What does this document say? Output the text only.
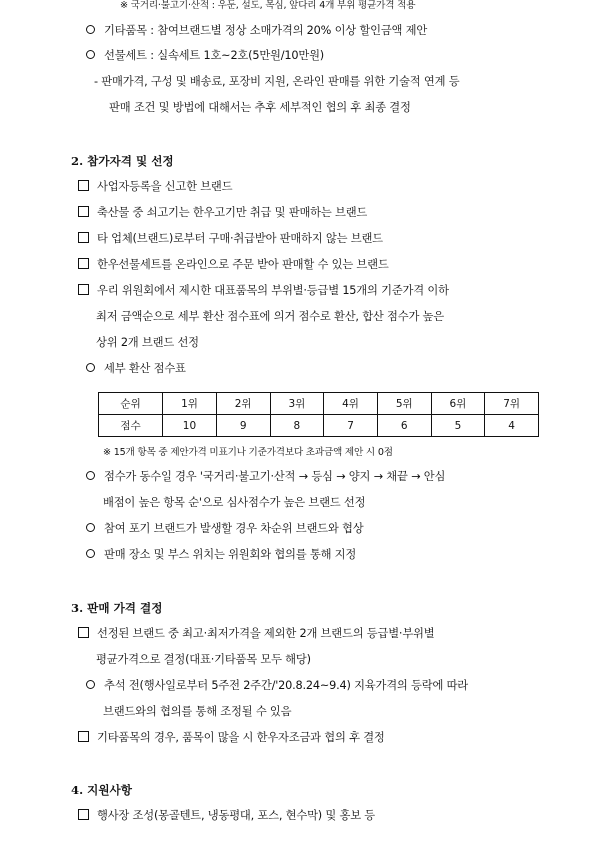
※ 국거리·불고기·산적 : 우둔, 설도, 목심, 앞다리 4개 부위 평균가격 적용
기타품목 : 참여브랜드별 정상 소매가격의 20% 이상 할인금액 제안
선물세트 : 실속세트 1호~2호(5만원/10만원)
- 판매가격, 구성 및 배송료, 포장비 지원, 온라인 판매를 위한 기술적 연계 등
판매 조건 및 방법에 대해서는 추후 세부적인 협의 후 최종 결정
2. 참가자격 및 선정
사업자등록을 신고한 브랜드
축산물 중 쇠고기는 한우고기만 취급 및 판매하는 브랜드
타 업체(브랜드)로부터 구매·취급받아 판매하지 않는 브랜드
한우선물세트를 온라인으로 주문 받아 판매할 수 있는 브랜드
우리 위원회에서 제시한 대표품목의 부위별·등급별 15개의 기준가격 이하
최저 금액순으로 세부 환산 점수표에 의거 점수로 환산, 합산 점수가 높은
상위 2개 브랜드 선정
세부 환산 점수표
순위	1위	2위	3위	4위	5위	6위	7위
점수	10	9	8	7	6	5	4
※ 15개 항목 중 제안가격 미표기나 기준가격보다 초과금액 제안 시 0점
점수가 동수일 경우 '국거리·불고기·산적 → 등심 → 양지 → 채끝 → 안심
배점이 높은 항목 순'으로 심사점수가 높은 브랜드 선정
참여 포기 브랜드가 발생할 경우 차순위 브랜드와 협상
판매 장소 및 부스 위치는 위원회와 협의를 통해 지정
3. 판매 가격 결정
선정된 브랜드 중 최고·최저가격을 제외한 2개 브랜드의 등급별·부위별
평균가격으로 결정(대표·기타품목 모두 해당)
추석 전(행사일로부터 5주전 2주간/'20.8.24~9.4) 지육가격의 등락에 따라
브랜드와의 협의를 통해 조정될 수 있음
기타품목의 경우, 품목이 많을 시 한우자조금과 협의 후 결정
4. 지원사항
행사장 조성(몽골텐트, 냉동평대, 포스, 현수막) 및 홍보 등
